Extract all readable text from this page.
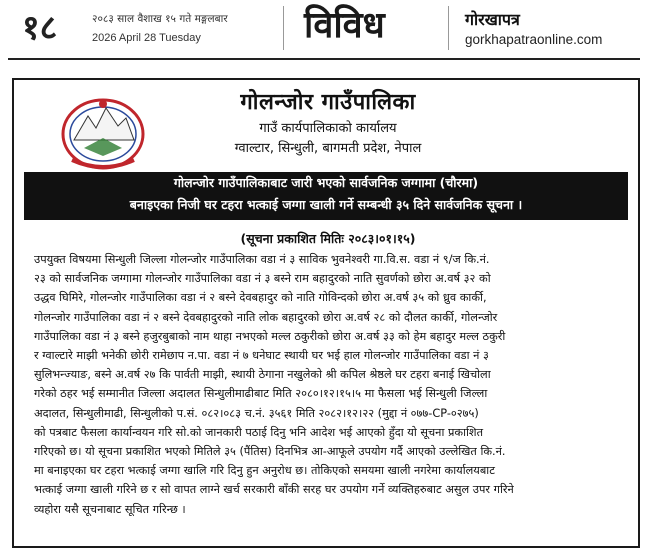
१८	२०८३ साल वैशाख १५ गते मङ्गलबार
2026 April 28 Tuesday	विविध	गोरखापत्र
gorkhapatraonline.com
गोलन्जोर गाउँपालिका
गाउँ कार्यपालिकाको कार्यालय
ग्वाल्टार, सिन्धुली, बागमती प्रदेश, नेपाल
गोलन्जोर गाउँपालिकाबाट जारी भएको सार्वजनिक जग्गामा (चौरमा)
बनाइएका निजी घर टहरा भत्काई जग्गा खाली गर्ने सम्बन्धी ३५ दिने सार्वजनिक सूचना ।
(सूचना प्रकाशित मितिः २०८३।०१।१५)
उपयुक्त विषयमा सिन्धुली जिल्ला गोलन्जोर गाउँपालिका वडा नं ३ साविक भुवनेश्वरी गा.वि.स. वडा नं ९/ज कि.नं.
२३ को सार्वजनिक जग्गामा गोलन्जोर गाउँपालिका वडा नं ३ बस्ने राम बहादुरको नाति सुवर्णको छोरा अ.वर्ष ३२ को
उद्धव घिमिरे, गोलन्जोर गाउँपालिका वडा नं २ बस्ने देवबहादुर को नाति गोविन्दको छोरा अ.वर्ष ३५ को ध्रुव कार्की,
गोलन्जोर गाउँपालिका वडा नं २ बस्ने देवबहादुरको नाति लोक बहादुरको छोरा अ.वर्ष २८ को दौलत कार्की, गोलन्जोर
गाउँपालिका वडा नं ३ बस्ने हजुरबुबाको नाम थाहा नभएको मल्ल ठकुरीको छोरा अ.वर्ष ३३ को हेम बहादुर मल्ल ठकुरी
र ग्वाल्टारे माझी भनेकी छोरी रामेछाप न.पा. वडा नं ७ धनेघाट स्थायी घर भई हाल गोलन्जोर गाउँपालिका वडा नं ३
सुलिभन्ज्याङ, बस्ने अ.वर्ष २७ कि पार्वती माझी, स्थायी ठेगाना नखुलेको श्री कपिल श्रेष्ठले घर टहरा बनाई खिचोला
गरेको ठहर भई सम्मानीत जिल्ला अदालत सिन्धुलीमाढीबाट मिति २०८०।१२।१५।५ मा फैसला भई सिन्धुली जिल्ला
अदालत, सिन्धुलीमाढी, सिन्धुलीको प.सं. ०८२।०८३ च.नं. ३५६१ मिति २०८२।१२।२२ (मुद्दा नं ०७७-CP-०२७५)
को पत्रबाट फैसला कार्यान्वयन गरि सो.को जानकारी पठाई दिनु भनि आदेश भई आएको हुँदा यो सूचना प्रकाशित
गरिएको छ। यो सूचना प्रकाशित भएको मितिले ३५ (पैंतिस) दिनभित्र आ-आफूले उपयोग गर्दै आएको उल्लेखित कि.नं.
मा बनाइएका घर टहरा भत्काई जग्गा खालि गरि दिनु हुन अनुरोध छ। तोकिएको समयमा खाली नगरेमा कार्यालयबाट
भत्काई जग्गा खाली गरिने छ र सो वापत लाग्ने खर्च सरकारी बाँकी सरह घर उपयोग गर्ने व्यक्तिहरुबाट असुल उपर गरिने
व्यहोरा यसै सूचनाबाट सूचित गरिन्छ ।
